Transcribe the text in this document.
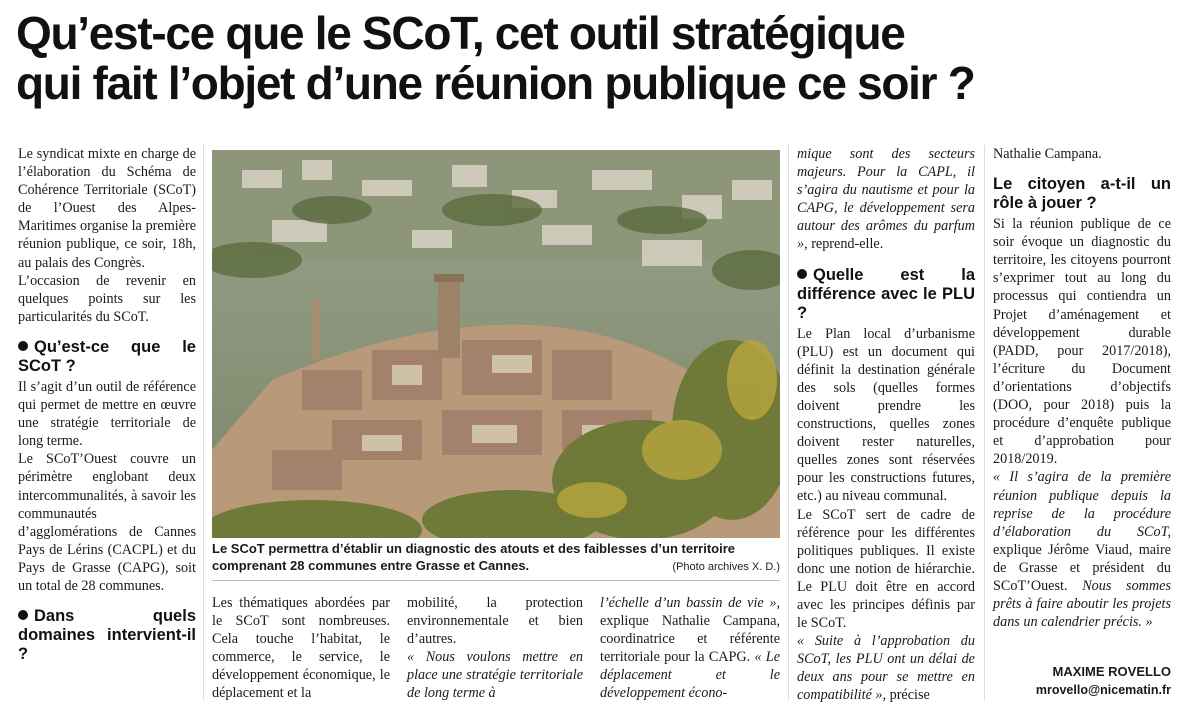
Qu’est-ce que le SCoT, cet outil stratégique
qui fait l’objet d’une réunion publique ce soir ?

Le syndicat mixte en charge de l’élaboration du Schéma de Cohérence Territoriale (SCoT) de l’Ouest des Alpes-Maritimes organise la première réunion publique, ce soir, 18h, au palais des Congrès.

L’occasion de revenir en quelques points sur les particularités du SCoT.

Qu’est-ce que le SCoT ?

Il s’agit d’un outil de référence qui permet de mettre en œuvre une stratégie territoriale de long terme.

Le SCoT’Ouest couvre un périmètre englobant deux intercommunalités, à savoir les communautés d’agglomérations de Cannes Pays de Lérins (CACPL) et du Pays de Grasse (CAPG), soit un total de 28 communes.

Dans quels domaines intervient-il ?
Le SCoT permettra d’établir un diagnostic des atouts et des faiblesses d’un territoire comprenant 28 communes entre Grasse et Cannes.	(Photo archives X. D.)

Les thématiques abordées par le SCoT sont nombreuses. Cela touche l’habitat, le commerce, le service, le développement économique, le déplacement et la

mobilité, la protection environnementale et bien d’autres.

« Nous voulons mettre en place une stratégie territoriale de long terme à

l’échelle d’un bassin de vie », explique Nathalie Campana, coordinatrice et référente territoriale pour la CAPG. « Le déplacement et le développement écono-

mique sont des secteurs majeurs. Pour la CAPL, il s’agira du nautisme et pour la CAPG, le développement sera autour des arômes du parfum », reprend-elle.

Quelle est la différence avec le PLU ?

Le Plan local d’urbanisme (PLU) est un document qui définit la destination générale des sols (quelles formes doivent prendre les constructions, quelles zones doivent rester naturelles, quelles zones sont réservées pour les constructions futures, etc.) au niveau communal.

Le SCoT sert de cadre de référence pour les différentes politiques publiques. Il existe donc une notion de hiérarchie. Le PLU doit être en accord avec les principes définis par le SCoT.

« Suite à l’approbation du SCoT, les PLU ont un délai de deux ans pour se mettre en compatibilité », précise

Nathalie Campana.

Le citoyen a-t-il un rôle à jouer ?

Si la réunion publique de ce soir évoque un diagnostic du territoire, les citoyens pourront s’exprimer tout au long du processus qui contiendra un Projet d’aménagement et développement durable (PADD, pour 2017/2018), l’écriture du Document d’orientations d’objectifs (DOO, pour 2018) puis la procédure d’enquête publique et d’approbation pour 2018/2019.

« Il s’agira de la première réunion publique depuis la reprise de la procédure d’élaboration du SCoT, explique Jérôme Viaud, maire de Grasse et président du SCoT’Ouest. Nous sommes prêts à faire aboutir les projets dans un calendrier précis. »

MAXIME ROVELLO
mrovello@nicematin.fr
